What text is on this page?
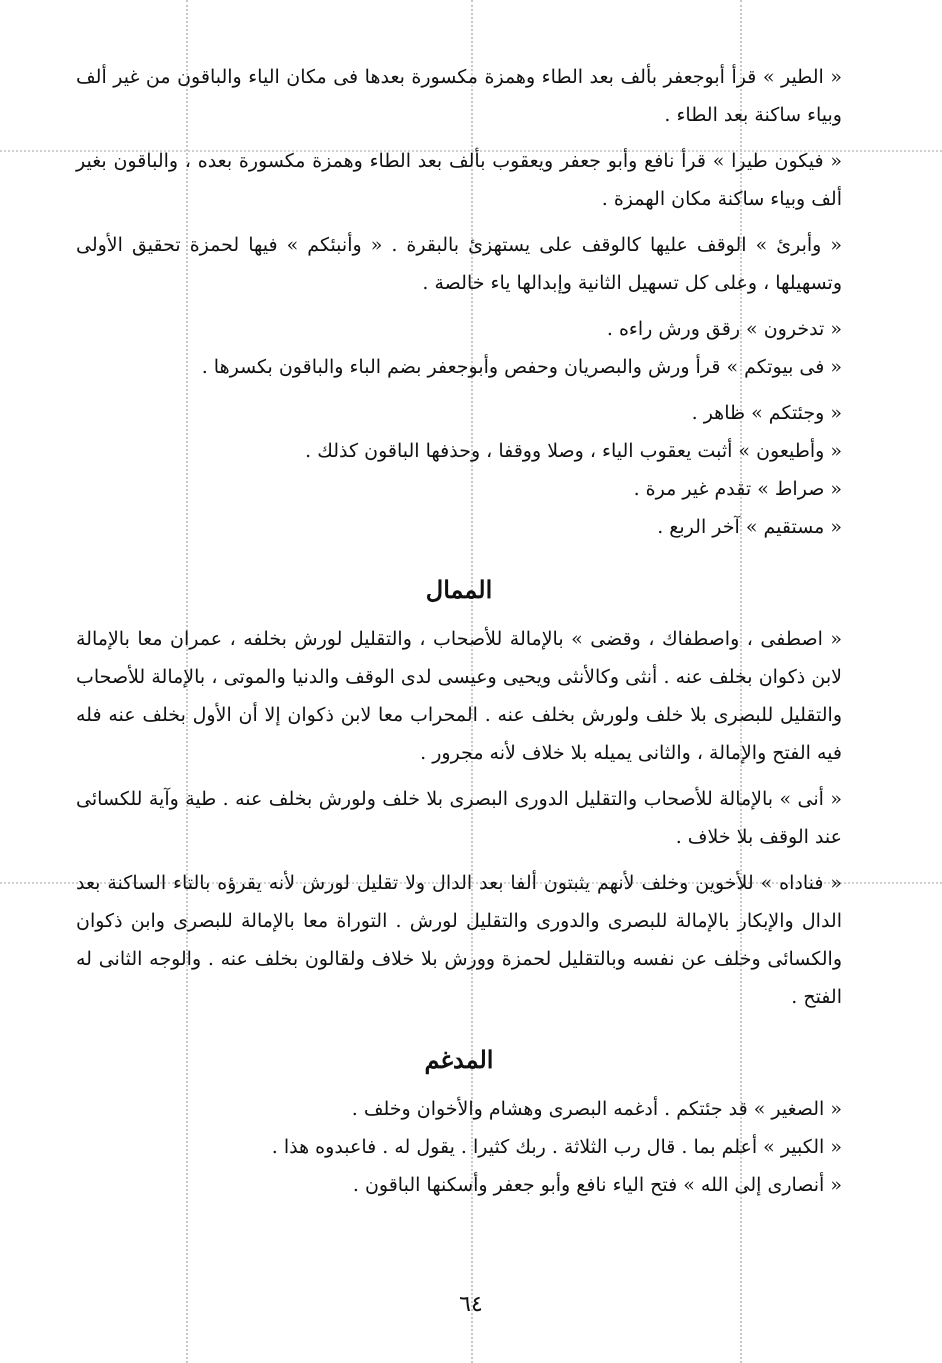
« الطير » قرأ أبوجعفر بألف بعد الطاء وهمزة مكسورة بعدها فى مكان الياء والباقون من غير ألف وبياء ساكنة بعد الطاء .

« فيكون طيرا » قرأ نافع وأبو جعفر ويعقوب بألف بعد الطاء وهمزة مكسورة بعده ، والباقون بغير ألف وبياء ساكنة مكان الهمزة .

« وأبرئ » الوقف عليها كالوقف على يستهزئ بالبقرة . « وأنبئكم » فيها لحمزة تحقيق الأولى وتسهيلها ، وعلى كل تسهيل الثانية وإبدالها ياء خالصة .

« تدخرون » رقق ورش راءه .

« فى بيوتكم » قرأ ورش والبصريان وحفص وأبوجعفر بضم الباء والباقون بكسرها .

« وجئتكم » ظاهر .

« وأطيعون » أثبت يعقوب الياء ، وصلا ووقفا ، وحذفها الباقون كذلك .

« صراط » تقدم غير مرة .

« مستقيم » آخر الربع .

الممال

« اصطفى ، واصطفاك ، وقضى » بالإمالة للأصحاب ، والتقليل لورش بخلفه ، عمران معا بالإمالة لابن ذكوان بخلف عنه . أنثى وكالأنثى ويحيى وعيسى لدى الوقف والدنيا والموتى ، بالإمالة للأصحاب والتقليل للبصرى بلا خلف ولورش بخلف عنه . المحراب معا لابن ذكوان إلا أن الأول بخلف عنه فله فيه الفتح والإمالة ، والثانى يميله بلا خلاف لأنه مجرور .

« أنى » بالإمالة للأصحاب والتقليل الدورى البصرى بلا خلف ولورش بخلف عنه . طية وآية للكسائى عند الوقف بلا خلاف .

« فناداه » للأخوين وخلف لأنهم يثبتون ألفا بعد الدال ولا تقليل لورش لأنه يقرؤه بالتاء الساكنة بعد الدال والإبكار بالإمالة للبصرى والدورى والتقليل لورش . التوراة معا بالإمالة للبصرى وابن ذكوان والكسائى وخلف عن نفسه وبالتقليل لحمزة وورش بلا خلاف ولقالون بخلف عنه . والوجه الثانى له الفتح .

المدغم

« الصغير » قد جئتكم . أدغمه البصرى وهشام والأخوان وخلف .

« الكبير » أعلم بما . قال رب الثلاثة . ربك كثيرا . يقول له . فاعبدوه هذا .

« أنصارى إلى الله » فتح الياء نافع وأبو جعفر وأسكنها الباقون .

٦٤
